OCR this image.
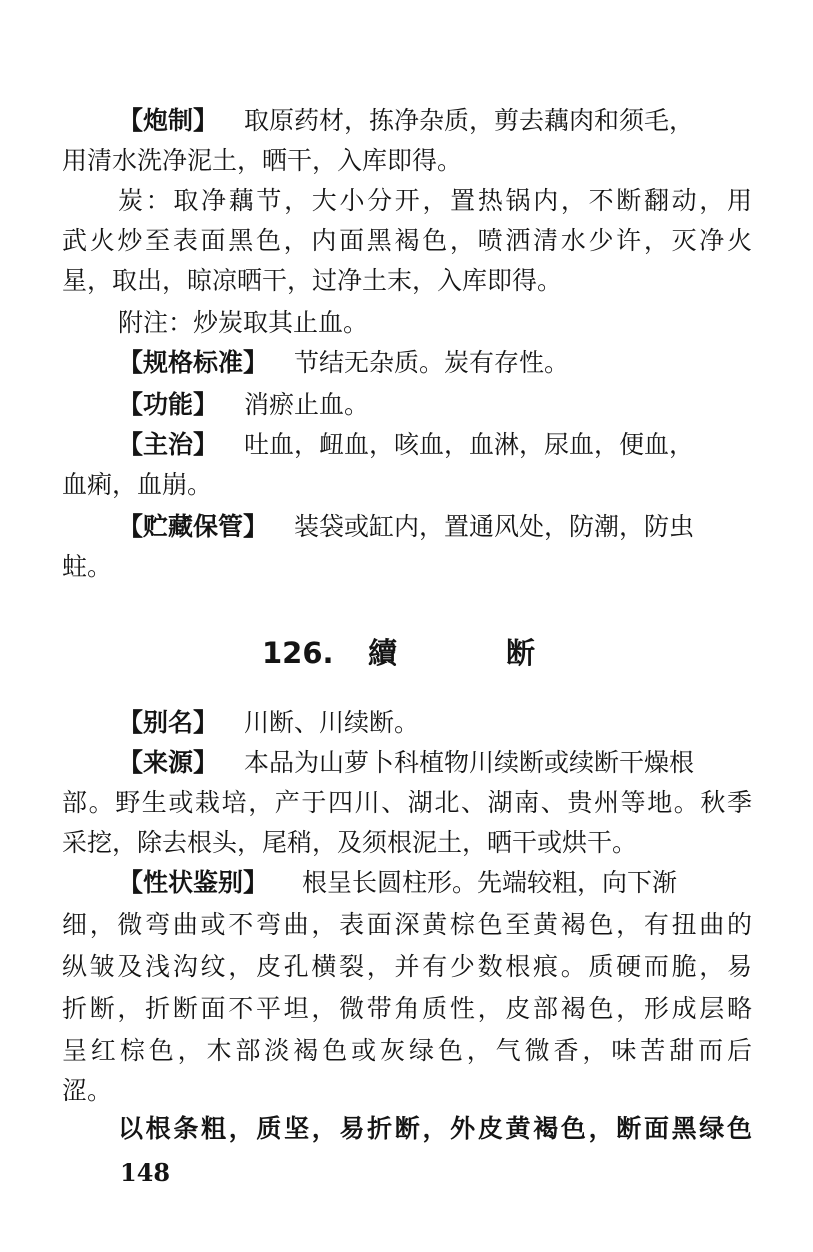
【炮制】 取原药材，拣净杂质，剪去藕肉和须毛，
用清水洗净泥土，晒干，入库即得。
炭：取净藕节，大小分开，置热锅内，不断翻动，用
武火炒至表面黑色，内面黑褐色，喷洒清水少许，灭净火
星，取出，晾凉晒干，过净土末，入库即得。
附注：炒炭取其止血。
【规格标准】 节结无杂质。炭有存性。
【功能】 消瘀止血。
【主治】 吐血，衄血，咳血，血淋，尿血，便血，
血痢，血崩。
【贮藏保管】 装袋或缸内，置通风处，防潮，防虫
蛀。
126. 續	断
【别名】 川断、川续断。
【来源】 本品为山萝卜科植物川续断或续断干燥根
部。野生或栽培，产于四川、湖北、湖南、贵州等地。秋季
采挖，除去根头，尾稍，及须根泥土，晒干或烘干。
【性状鉴别】 根呈长圆柱形。先端较粗，向下渐
细，微弯曲或不弯曲，表面深黄棕色至黄褐色，有扭曲的
纵皱及浅沟纹，皮孔横裂，并有少数根痕。质硬而脆，易
折断，折断面不平坦，微带角质性，皮部褐色，形成层略
呈红棕色，木部淡褐色或灰绿色，气微香，味苦甜而后
涩。
以根条粗，质坚，易折断，外皮黄褐色，断面黑绿色
148
